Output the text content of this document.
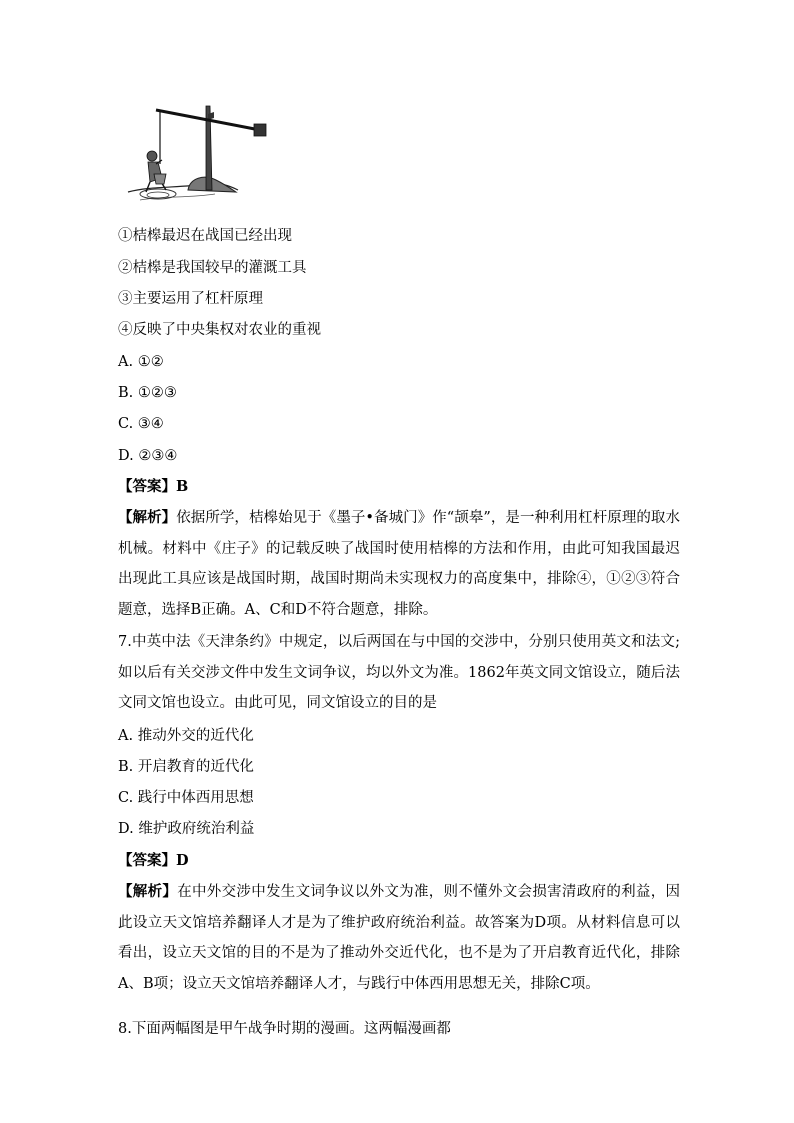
①桔槔最迟在战国已经出现
②桔槔是我国较早的灌溉工具
③主要运用了杠杆原理
④反映了中央集权对农业的重视
A. ①②
B. ①②③
C. ③④
D. ②③④
【答案】B
【解析】依据所学，桔槔始见于《墨子•备城门》作“颉皋”，是一种利用杠杆原理的取水机械。材料中《庄子》的记载反映了战国时使用桔槔的方法和作用，由此可知我国最迟出现此工具应该是战国时期，战国时期尚未实现权力的高度集中，排除④，①②③符合题意，选择B正确。A、C和D不符合题意，排除。
7.中英中法《天津条约》中规定，以后两国在与中国的交涉中，分别只使用英文和法文;如以后有关交涉文件中发生文词争议，均以外文为准。1862年英文同文馆设立，随后法文同文馆也设立。由此可见，同文馆设立的目的是
A. 推动外交的近代化
B. 开启教育的近代化
C. 践行中体西用思想
D. 维护政府统治利益
【答案】D
【解析】在中外交涉中发生文词争议以外文为准，则不懂外文会损害清政府的利益，因此设立天文馆培养翻译人才是为了维护政府统治利益。故答案为D项。从材料信息可以看出，设立天文馆的目的不是为了推动外交近代化，也不是为了开启教育近代化，排除A、B项；设立天文馆培养翻译人才，与践行中体西用思想无关，排除C项。
8.下面两幅图是甲午战争时期的漫画。这两幅漫画都
